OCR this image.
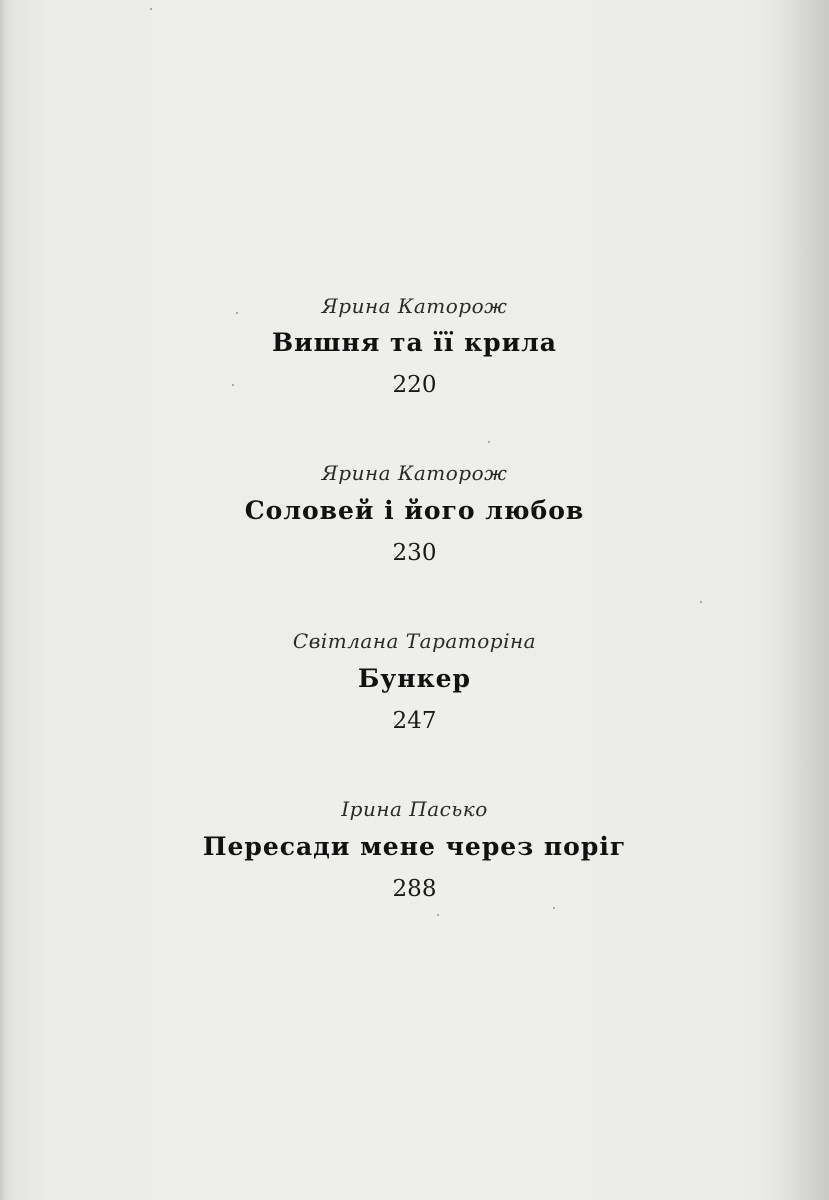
Ярина Каторож
Вишня та її крила
220
Ярина Каторож
Соловей і його любов
230
Світлана Тараторіна
Бункер
247
Ірина Пасько
Пересади мене через поріг
288
